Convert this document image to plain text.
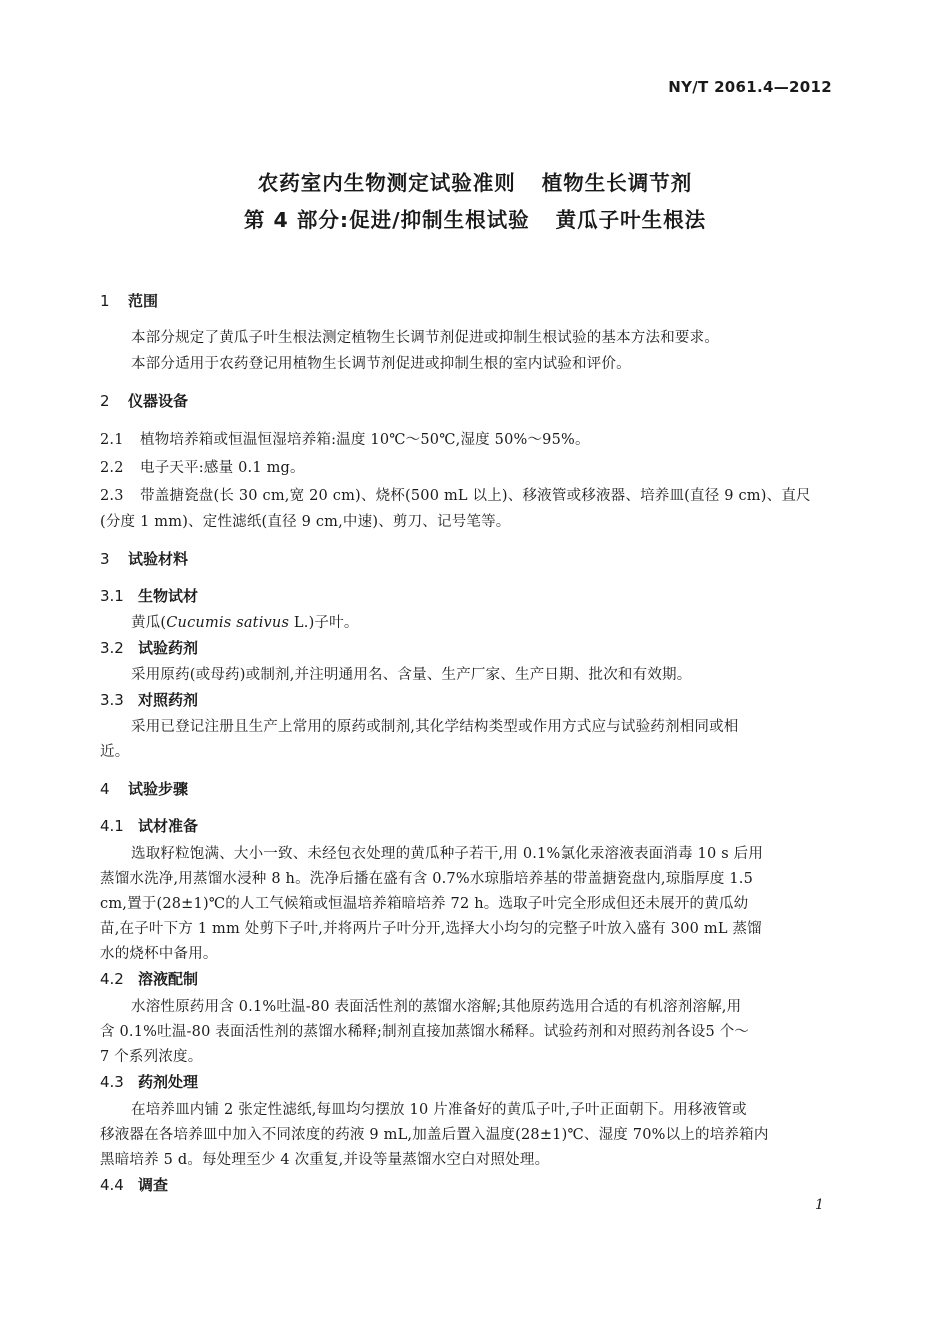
NY/T 2061.4—2012
农药室内生物测定试验准则 植物生长调节剂
第 4 部分:促进/抑制生根试验 黄瓜子叶生根法
1 范围
本部分规定了黄瓜子叶生根法测定植物生长调节剂促进或抑制生根试验的基本方法和要求。
本部分适用于农药登记用植物生长调节剂促进或抑制生根的室内试验和评价。
2 仪器设备
2.1 植物培养箱或恒温恒湿培养箱:温度 10℃～50℃,湿度 50%～95%。
2.2 电子天平:感量 0.1 mg。
2.3 带盖搪瓷盘(长 30 cm,宽 20 cm)、烧杯(500 mL 以上)、移液管或移液器、培养皿(直径 9 cm)、直尺
(分度 1 mm)、定性滤纸(直径 9 cm,中速)、剪刀、记号笔等。
3 试验材料
3.1 生物试材
黄瓜(Cucumis sativus L.)子叶。
3.2 试验药剂
采用原药(或母药)或制剂,并注明通用名、含量、生产厂家、生产日期、批次和有效期。
3.3 对照药剂
采用已登记注册且生产上常用的原药或制剂,其化学结构类型或作用方式应与试验药剂相同或相
近。
4 试验步骤
4.1 试材准备
选取籽粒饱满、大小一致、未经包衣处理的黄瓜种子若干,用 0.1%氯化汞溶液表面消毒 10 s 后用
蒸馏水洗净,用蒸馏水浸种 8 h。洗净后播在盛有含 0.7%水琼脂培养基的带盖搪瓷盘内,琼脂厚度 1.5
cm,置于(28±1)℃的人工气候箱或恒温培养箱暗培养 72 h。选取子叶完全形成但还未展开的黄瓜幼
苗,在子叶下方 1 mm 处剪下子叶,并将两片子叶分开,选择大小均匀的完整子叶放入盛有 300 mL 蒸馏
水的烧杯中备用。
4.2 溶液配制
水溶性原药用含 0.1%吐温-80 表面活性剂的蒸馏水溶解;其他原药选用合适的有机溶剂溶解,用
含 0.1%吐温-80 表面活性剂的蒸馏水稀释;制剂直接加蒸馏水稀释。试验药剂和对照药剂各设5 个～
7 个系列浓度。
4.3 药剂处理
在培养皿内铺 2 张定性滤纸,每皿均匀摆放 10 片准备好的黄瓜子叶,子叶正面朝下。用移液管或
移液器在各培养皿中加入不同浓度的药液 9 mL,加盖后置入温度(28±1)℃、湿度 70%以上的培养箱内
黑暗培养 5 d。每处理至少 4 次重复,并设等量蒸馏水空白对照处理。
4.4 调查
1
